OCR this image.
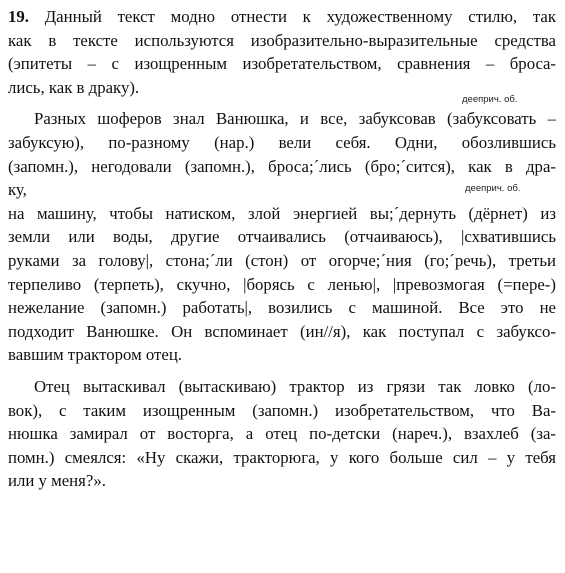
19. Данный текст модно отнести к художественному стилю, так
как в тексте используются изобразительно-выразительные средства
(эпитеты – с изощренным изобретательством, сравнения – бросa-
лись, как в драку).
Разных шоферов знал Ванюшка, и все, забуксовав (забуксовать –
забуксую), по-разному (нар.) вели себя. Одни, обозлившись
(запомн.), негодовали (запомн.), броса;´лись (бро;´сится), как в дра-
ку,
на машину, чтобы натиском, злой энергией вы;´дернуть (дёрнет) из
земли или воды, другие отчаивались (отчаиваюсь), |схватившись
руками за голову|, стона;´ли (стон) от огорче;´ния (го;´речь), третьи
терпеливо (терпеть), скучно, |борясь с ленью|, |превозмогая (=пере-)
нежелание (запомн.) работать|, возились с машиной. Все это не
подходит Ванюшке. Он вспоминает (ин//я), как поступал с забуксо-
вавшим трактором отец.
Отец вытаскивал (вытаскиваю) трактор из грязи так ловко (ло-
вок), с таким изощренным (запомн.) изобретательством, что Ва-
нюшка замирал от восторга, а отец по-детски (нареч.), взахлеб (за-
помн.) смеялся: «Ну скажи, тракторюга, у кого больше сил – у тебя
или у меня?».
дееприч. об.
дееприч. об.
